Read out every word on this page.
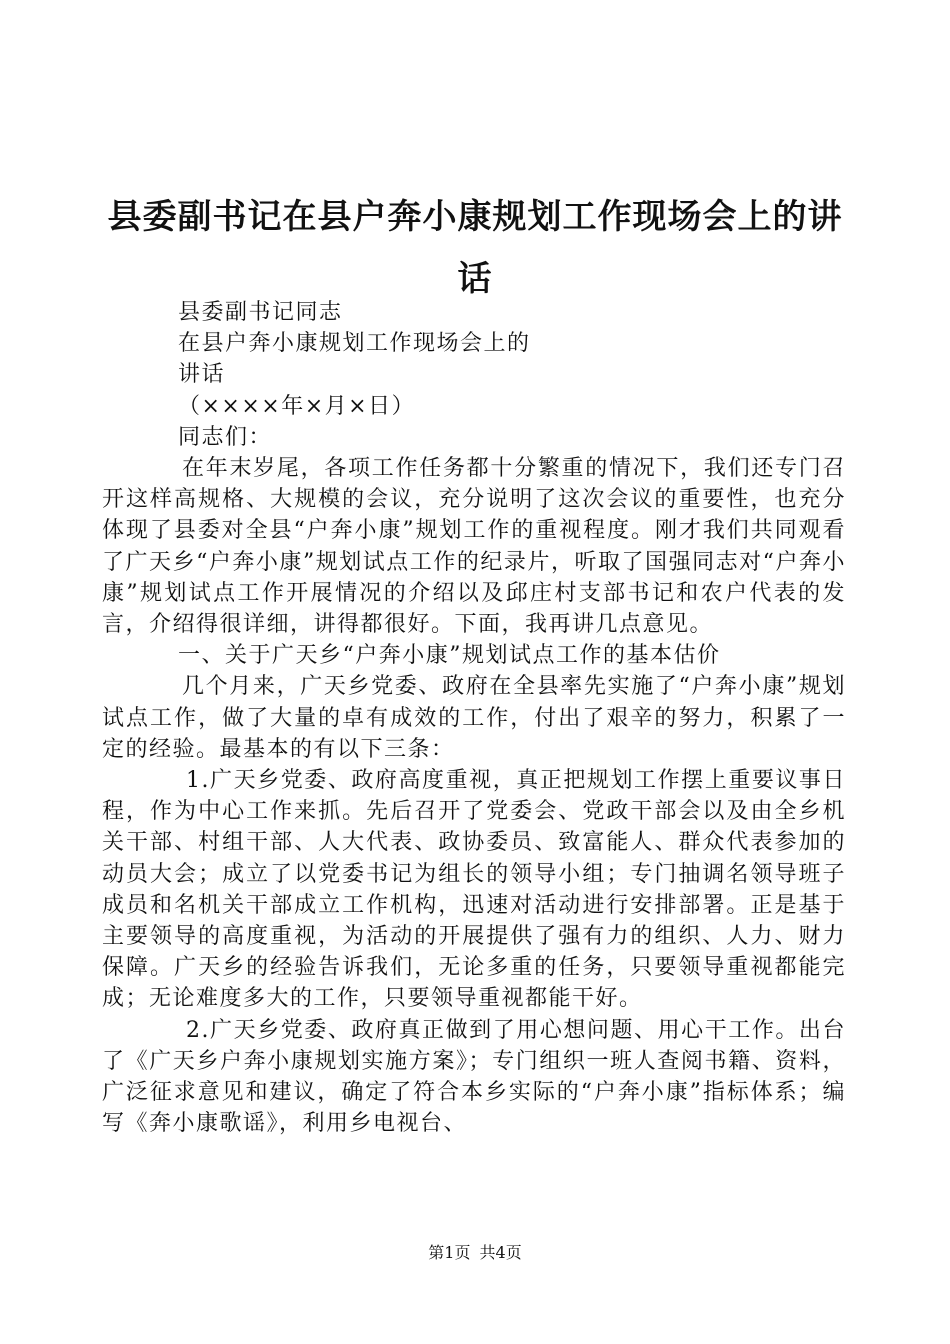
县委副书记在县户奔小康规划工作现场会上的讲话

县委副书记同志

在县户奔小康规划工作现场会上的

讲话

（××××年×月×日）

同志们：

在年末岁尾，各项工作任务都十分繁重的情况下，我们还专门召开这样高规格、大规模的会议，充分说明了这次会议的重要性，也充分体现了县委对全县“户奔小康”规划工作的重视程度。刚才我们共同观看了广天乡“户奔小康”规划试点工作的纪录片，听取了国强同志对“户奔小康”规划试点工作开展情况的介绍以及邱庄村支部书记和农户代表的发言，介绍得很详细，讲得都很好。下面，我再讲几点意见。

一、关于广天乡“户奔小康”规划试点工作的基本估价

几个月来，广天乡党委、政府在全县率先实施了“户奔小康”规划试点工作，做了大量的卓有成效的工作，付出了艰辛的努力，积累了一定的经验。最基本的有以下三条：

1.广天乡党委、政府高度重视，真正把规划工作摆上重要议事日程，作为中心工作来抓。先后召开了党委会、党政干部会以及由全乡机关干部、村组干部、人大代表、政协委员、致富能人、群众代表参加的动员大会；成立了以党委书记为组长的领导小组；专门抽调名领导班子成员和名机关干部成立工作机构，迅速对活动进行安排部署。正是基于主要领导的高度重视，为活动的开展提供了强有力的组织、人力、财力保障。广天乡的经验告诉我们，无论多重的任务，只要领导重视都能完成；无论难度多大的工作，只要领导重视都能干好。

2.广天乡党委、政府真正做到了用心想问题、用心干工作。出台了《广天乡户奔小康规划实施方案》；专门组织一班人查阅书籍、资料，广泛征求意见和建议，确定了符合本乡实际的“户奔小康”指标体系；编写《奔小康歌谣》，利用乡电视台、

第1页 共4页
